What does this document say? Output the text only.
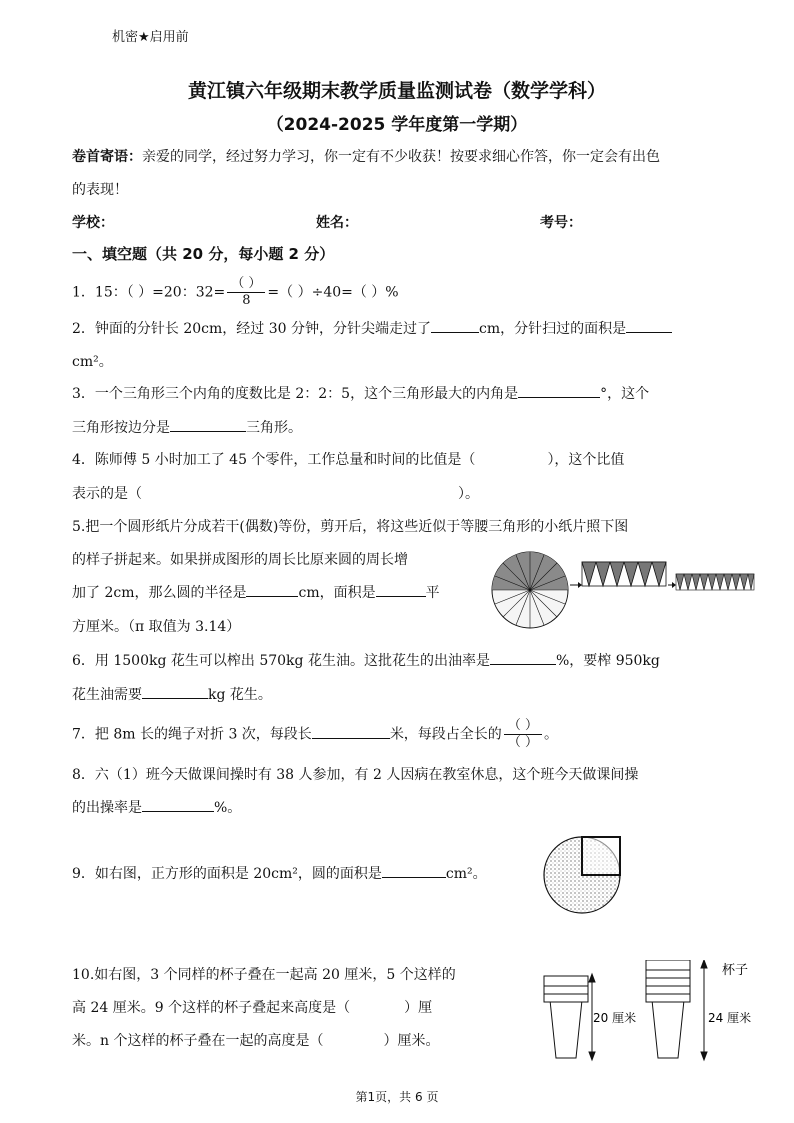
机密★启用前
黄江镇六年级期末教学质量监测试卷（数学学科）
（2024-2025 学年度第一学期）
卷首寄语：亲爱的同学，经过努力学习，你一定有不少收获！按要求细心作答，你一定会有出色
的表现！
学校：	姓名：	考号：
一、填空题（共 20 分，每小题 2 分）
1．15：（ ）=20：$32= \frac{( )}{8}$ =（ ）÷40=（ ）%
2．钟面的分针长 20cm，经过 30 分钟，分针尖端走过了	cm，分针扫过的面积是
cm²。
3．一个三角形三个内角的度数比是 2：2：5，这个三角形最大的内角是	°，这个
三角形按边分是	三角形。
4．陈师傅 5 小时加工了 45 个零件，工作总量和时间的比值是（	），这个比值
表示的是（	）。
5.把一个圆形纸片分成若干(偶数)等份，剪开后，将这些近似于等腰三角形的小纸片照下图
的样子拼起来。如果拼成图形的周长比原来圆的周长增
加了 2cm，那么圆的半径是	cm，面积是	平
方厘米。（π 取值为 3.14）
6．用 1500kg 花生可以榨出 570kg 花生油。这批花生的出油率是	%，要榨 950kg
花生油需要	kg 花生。
7．把 8m 长的绳子对折 3 次，每段长	米，每段占全长的 $\frac{( )}{( )}$ 。
8．六（1）班今天做课间操时有 38 人参加，有 2 人因病在教室休息，这个班今天做课间操
的出操率是	%。
9．如右图，正方形的面积是 20cm²，圆的面积是	cm²。
10.如右图，3 个同样的杯子叠在一起高 20 厘米，5 个这样的
高 24 厘米。9 个这样的杯子叠起来高度是（	）厘
米。n 个这样的杯子叠在一起的高度是（	）厘米。
20 厘米
杯子
24 厘米
第1页，共 6 页
